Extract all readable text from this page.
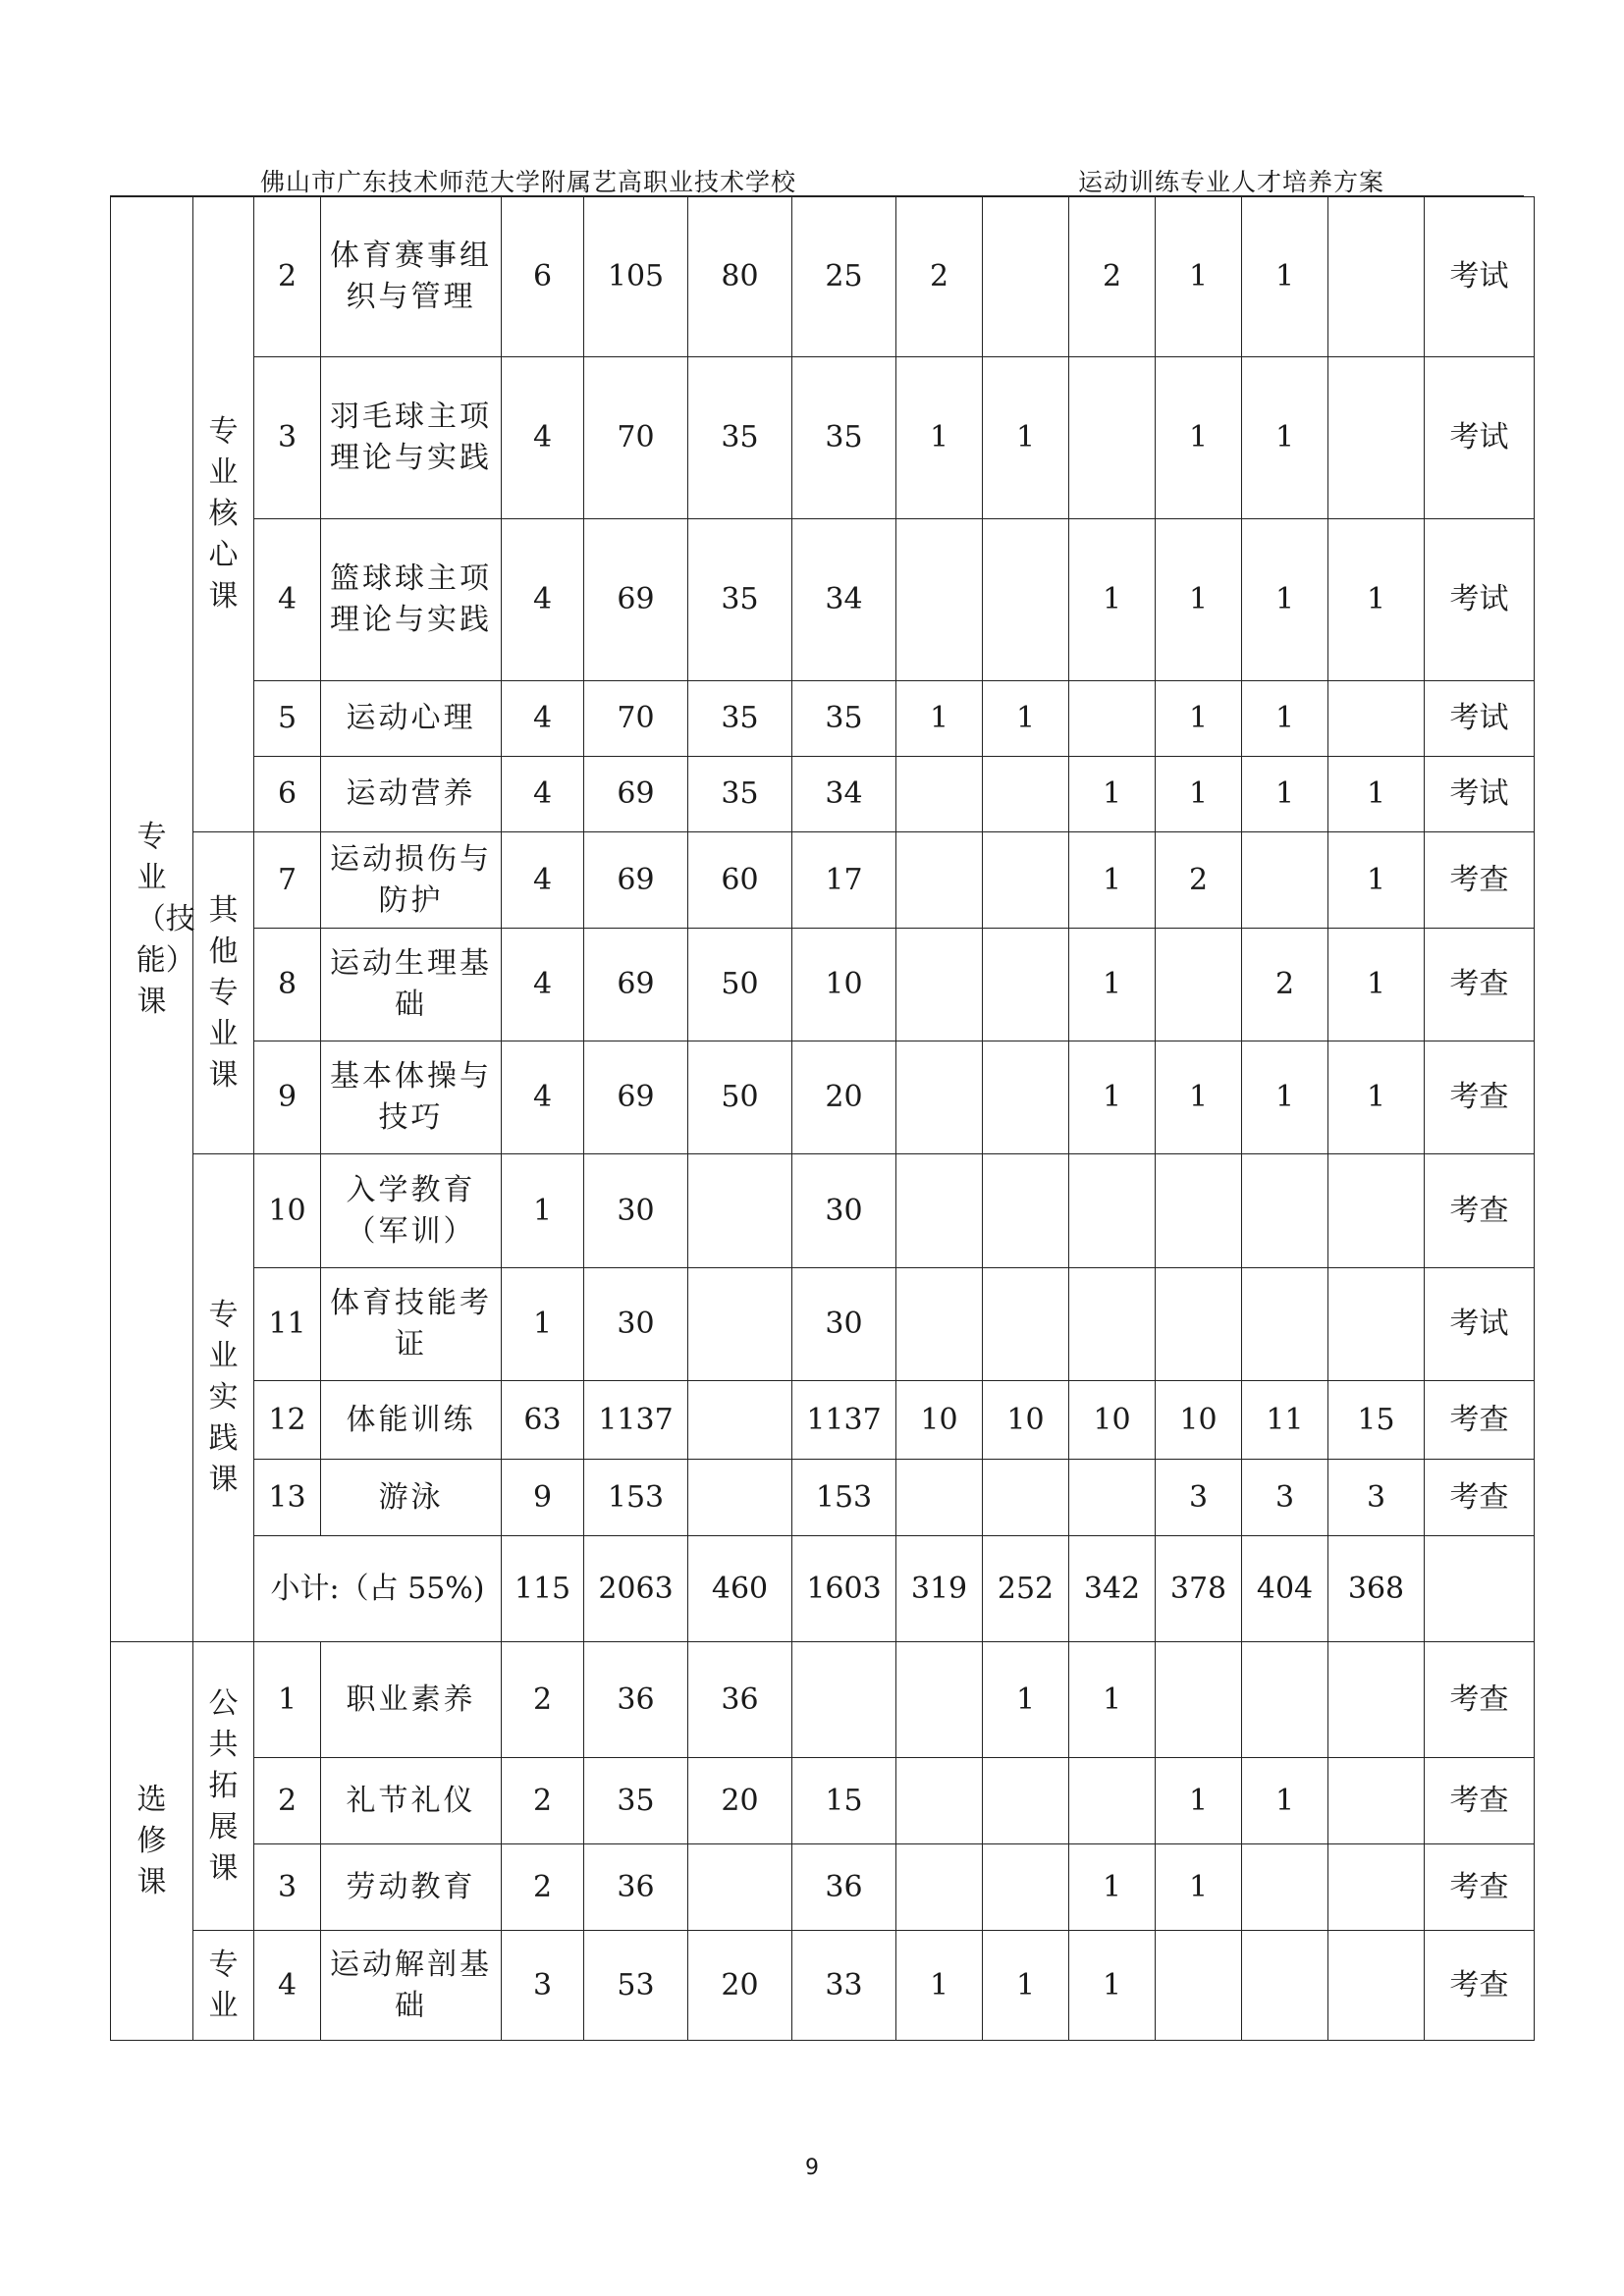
佛山市广东技术师范大学附属艺高职业技术学校	运动训练专业人才培养方案
专业（技能）课	专业核心课	2	体育赛事组织与管理	6	105	80	25	2		2	1	1		考试
		3	羽毛球主项理论与实践	4	70	35	35	1	1		1	1		考试
		4	篮球球主项理论与实践	4	69	35	34			1	1	1	1	考试
		5	运动心理	4	70	35	35	1	1		1	1		考试
		6	运动营养	4	69	35	34			1	1	1	1	考试
	其他专业课	7	运动损伤与防护	4	69	60	17			1	2		1	考查
		8	运动生理基础	4	69	50	10			1		2	1	考查
		9	基本体操与技巧	4	69	50	20			1	1	1	1	考查
	专业实践课	10	入学教育（军训）	1	30		30							考查
		11	体育技能考证	1	30		30							考试
		12	体能训练	63	1137		1137	10	10	10	10	11	15	考查
		13	游泳	9	153		153				3	3	3	考查
		小计:（占 55%)		115	2063	460	1603	319	252	342	378	404	368	
选修课	公共拓展课	1	职业素养	2	36	36			1	1				考查
		2	礼节礼仪	2	35	20	15				1	1		考查
		3	劳动教育	2	36		36			1	1			考查
	专业	4	运动解剖基础	3	53	20	33	1	1	1				考查
9
